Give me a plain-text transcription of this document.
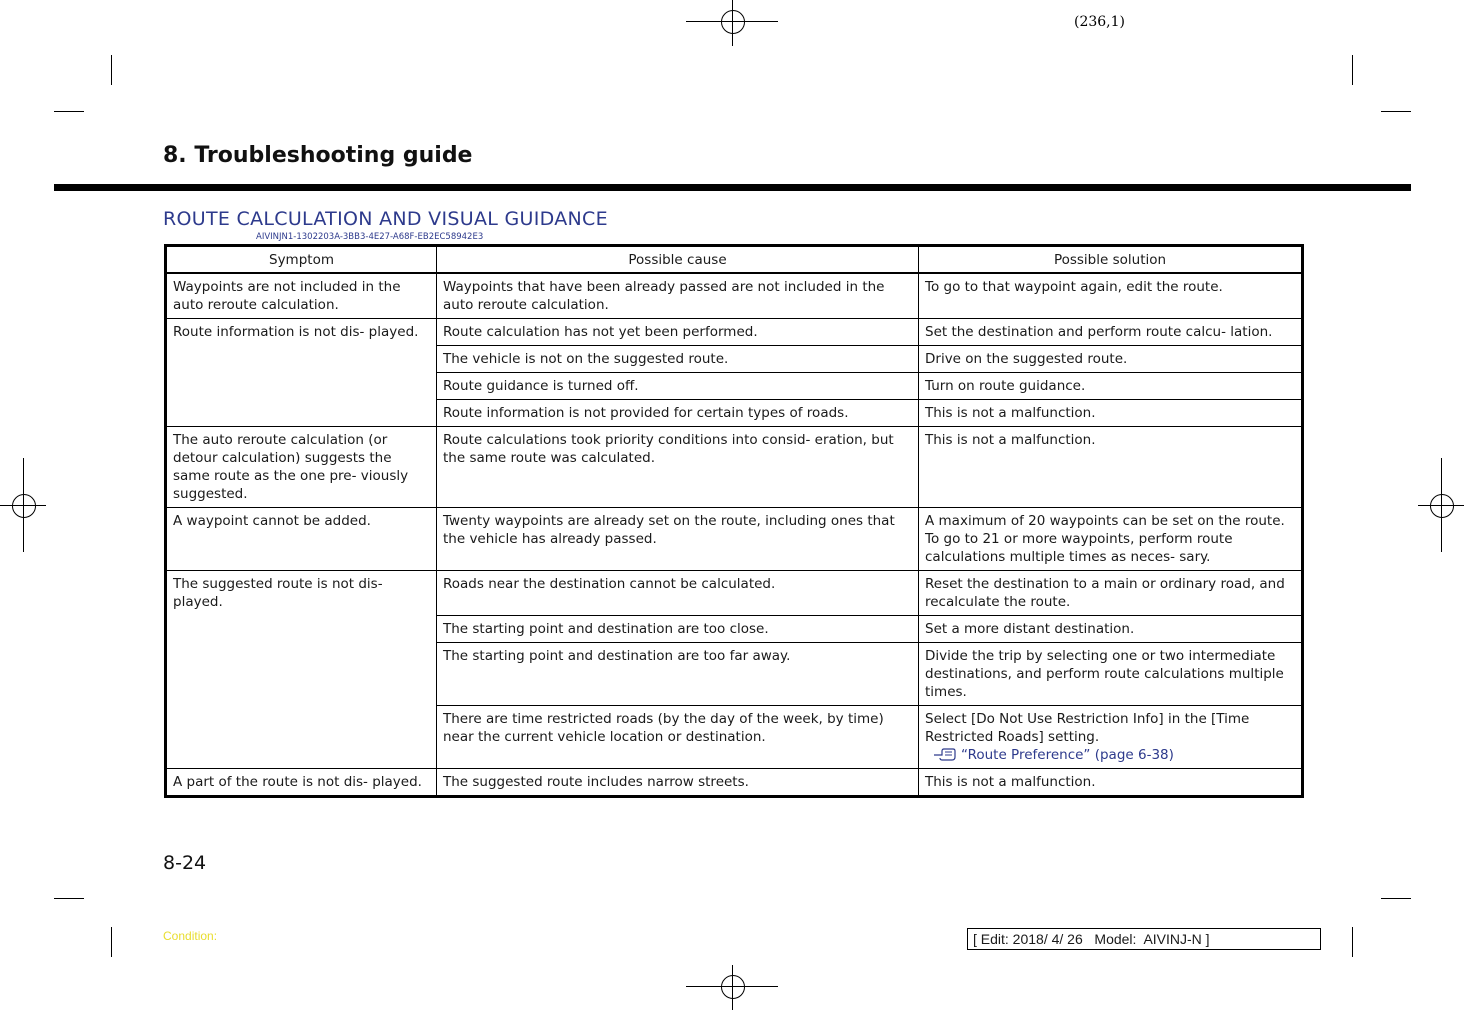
(236,1)
8. Troubleshooting guide
ROUTE CALCULATION AND VISUAL GUIDANCE
AIVINJN1-1302203A-3BB3-4E27-A68F-EB2EC58942E3
Symptom	Possible cause	Possible solution
Waypoints are not included in the auto reroute calculation.	Waypoints that have been already passed are not included in the auto reroute calculation.	To go to that waypoint again, edit the route.
Route information is not dis- played.	Route calculation has not yet been performed.	Set the destination and perform route calcu- lation.
	The vehicle is not on the suggested route.	Drive on the suggested route.
	Route guidance is turned off.	Turn on route guidance.
	Route information is not provided for certain types of roads.	This is not a malfunction.
The auto reroute calculation (or detour calculation) suggests the same route as the one pre- viously suggested.	Route calculations took priority conditions into consid- eration, but the same route was calculated.	This is not a malfunction.
A waypoint cannot be added.	Twenty waypoints are already set on the route, including ones that the vehicle has already passed.	A maximum of 20 waypoints can be set on the route. To go to 21 or more waypoints, perform route calculations multiple times as neces- sary.
The suggested route is not dis- played.	Roads near the destination cannot be calculated.	Reset the destination to a main or ordinary road, and recalculate the route.
	The starting point and destination are too close.	Set a more distant destination.
	The starting point and destination are too far away.	Divide the trip by selecting one or two intermediate destinations, and perform route calculations multiple times.
	There are time restricted roads (by the day of the week, by time) near the current vehicle location or destination.	Select [Do Not Use Restriction Info] in the [Time Restricted Roads] setting.
“Route Preference” (page 6-38)

A part of the route is not dis- played.	The suggested route includes narrow streets.	This is not a malfunction.
8-24
Condition:	[ Edit: 2018/ 4/ 26   Model:  AIVINJ-N ]
